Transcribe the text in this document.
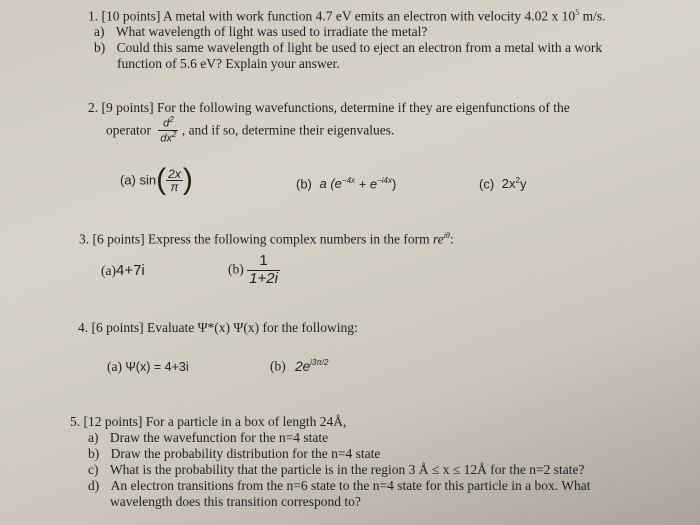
1. [10 points] A metal with work function 4.7 eV emits an electron with velocity 4.02 x $10^5$ m/s.
a) What wavelength of light was used to irradiate the metal?
b) Could this same wavelength of light be used to eject an electron from a metal with a work
function of 5.6 eV? Explain your answer.
2. [9 points] For the following wavefunctions, determine if they are eigenfunctions of the
operator $\frac{d^2}{dx^2}$ , and if so, determine their eigenvalues.
(a) $\sin( \frac{2x}{\pi}$ )	(b) a $(e^{-4x} + e^{-i4x})$	(c) $2x^2y$
3. [6 points] Express the following complex numbers in the form $re^{i\theta}$:
(a)4+7i	$(b) \frac{1}{1+2i}$
4. [6 points] Evaluate Ψ*(x) Ψ(x) for the following:
(a) Ψ(x) = 4+3i	(b) $2e^{i3\pi/2}$
5. [12 points] For a particle in a box of length 24Å,
a) Draw the wavefunction for the n=4 state
b) Draw the probability distribution for the n=4 state
c) What is the probability that the particle is in the region 3 Å ≤ x ≤ 12Å for the n=2 state?
d) An electron transitions from the n=6 state to the n=4 state for this particle in a box. What
wavelength does this transition correspond to?
